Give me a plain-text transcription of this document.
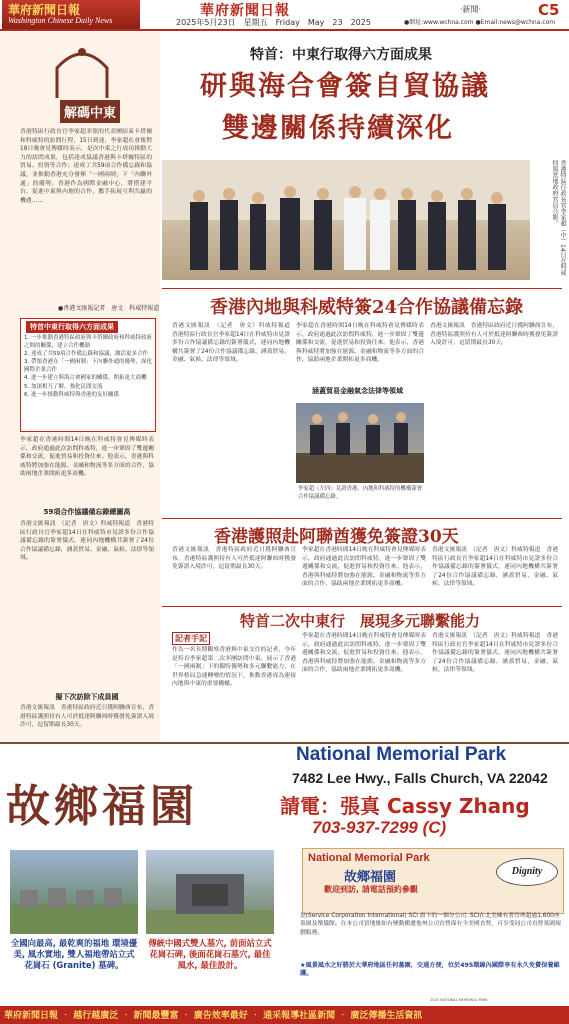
華府新聞日報
Washington Chinese Daily News
華府新聞日報
2025年5月23日　星期五　Friday　May　23　2025
‧新聞‧	C5
●網址:www.wchna.com ●Email:news@wchna.com
解碼中東
香港特區行政長官李家超率領的代表團結束卡塔爾和科威特的訪問行程，15日到達，李家超在會後對18日晚會見傳媒時表示，是次中東之行成功推動大力的訪問成果，包括達成協議香港與卡塔爾特區的貿易、投資等合作；達成了共59項合作備忘錄和協議，並推動香港充分發揮「一國兩制」下「內聯外通」的優勢。香港作為國際金融中心，將搭建平台，促進中東與內地的合作，攜手拓展互利共贏的機遇……
●香港文匯報記者　唐文　科威特報道
特首中東行取得六方面成果
1. 一步推動香港特區政府與卡塔爾政府和科威特政府之間的關係，建立合作機制
2. 達成了共59項合作備忘錄和協議，激活更多合作
3. 帶領香港在「一國兩制」下內聯外通的優勢，深化國際企業合作
4. 進一步建立與海合會國家的關係，開拓更大商機
5. 加深相互了解，強化民間交流
6. 進一步推動科威特與香港的友好關係
李家超在香港時間14日晚在科威特會見傳媒時表示，政府通過此次訪問科威特，進一步鞏固了雙邊關係和交流，促進貿易和投資往來。他表示，香港與科威特將加強在能源、金融和物流等多方面的合作，協助兩地企業開拓更多商機。
59項合作協議備忘錄總圖高
香港文匯報訊　（記者　唐文）科威特報道　香港特區行政長官李家超14日在科威特市見證多份合作協議備忘錄的簽署儀式，連同內地機構共簽署了24份合作協議備忘錄，涵蓋貿易、金融、氣候、法律等領域。
擬下次訪除下成員國
香港文匯報訊　香港特區政府近日獲阿聯酋宣布，香港特區護照持有人可於抵達阿聯酋時獲發免簽證入境許可，逗留期最長30天。
特首：中東行取得六方面成果
研與海合會簽自貿協議
雙邊關係持續深化
香港特區行政長官李家超（中）14日在科威特與當地政府官員合影。
香港內地與科威特簽24合作協議備忘錄
香港文匯報訊　（記者　唐文）科威特報道　香港特區行政長官李家超14日在科威特市見證多份合作協議備忘錄的簽署儀式，連同內地機構共簽署了24份合作協議備忘錄，涵蓋貿易、金融、氣候、法律等領域。
李家超在香港時間14日晚在科威特會見傳媒時表示，政府通過此次訪問科威特，進一步鞏固了雙邊關係和交流，促進貿易和投資往來。他表示，香港與科威特將加強在能源、金融和物流等多方面的合作，協助兩地企業開拓更多商機。
涵蓋貿易金融氣念法律等領域
李家超（左四）見證香港、內地和科威特的機構簽署合作協議備忘錄。
香港文匯報訊　香港特區政府近日獲阿聯酋宣布，香港特區護照持有人可於抵達阿聯酋時獲發免簽證入境許可，逗留期最長30天。
香港護照赴阿聯酋獲免簽證30天
香港文匯報訊　香港特區政府近日獲阿聯酋宣布，香港特區護照持有人可於抵達阿聯酋時獲發免簽證入境許可，逗留期最長30天。
李家超在香港時間14日晚在科威特會見傳媒時表示，政府通過此次訪問科威特，進一步鞏固了雙邊關係和交流，促進貿易和投資往來。他表示，香港與科威特將加強在能源、金融和物流等多方面的合作，協助兩地企業開拓更多商機。
香港文匯報訊　（記者　唐文）科威特報道　香港特區行政長官李家超14日在科威特市見證多份合作協議備忘錄的簽署儀式，連同內地機構共簽署了24份合作協議備忘錄，涵蓋貿易、金融、氣候、法律等領域。
特首二次中東行　展現多元聯繫能力
記者手記
作為一名長期觀察香港與中東交往的記者，今年是特首李家超第二次率團訪問中東，展示了香港「一國兩制」下的獨特優勢和多元聯繫能力，在世界格局急速轉變的情況下，推動香港成為連接內地與中東的重要橋樑。
李家超在香港時間14日晚在科威特會見傳媒時表示，政府通過此次訪問科威特，進一步鞏固了雙邊關係和交流，促進貿易和投資往來。他表示，香港與科威特將加強在能源、金融和物流等多方面的合作，協助兩地企業開拓更多商機。
香港文匯報訊　（記者　唐文）科威特報道　香港特區行政長官李家超14日在科威特市見證多份合作協議備忘錄的簽署儀式，連同內地機構共簽署了24份合作協議備忘錄，涵蓋貿易、金融、氣候、法律等領域。
故鄉福園
National Memorial Park
7482 Lee Hwy., Falls Church, VA 22042
請電：張真 Cassy Zhang
703-937-7299 (C)
全國向最高, 最乾爽的福地 環境優美, 風水實地, 雙人福地帶站立式花崗石 (Granite) 墓碑。
傳統中國式雙人墓穴, 前面站立式花崗石碑, 後面花崗石墓穴, 最佳風水, 最佳設計。
National Memorial Park
故鄉福園	Dignity
歡迎到訪, 請電話預約參觀
是(Service Corporation International) SCI 旗下的一個分公司. SCI在北美擁有著管理超過1,600座墓園及殯儀館。在本公司買地後如有變動搬遷他州公司直營保有全美國直營，可享受同公司直營墓園規劃服務。
★風景風水之好勝於大華府地區任何墓園，交通方便，位於495環線內國際享有永久免費保養維護。
2025 NATIONAL MEMORIAL PARK
華府新聞日報 ‧ 越行越廣泛 ‧ 新聞最豐富 ‧ 廣告效率最好 ‧ 通采報導社區新聞 ‧ 廣泛傳播生活資訊
